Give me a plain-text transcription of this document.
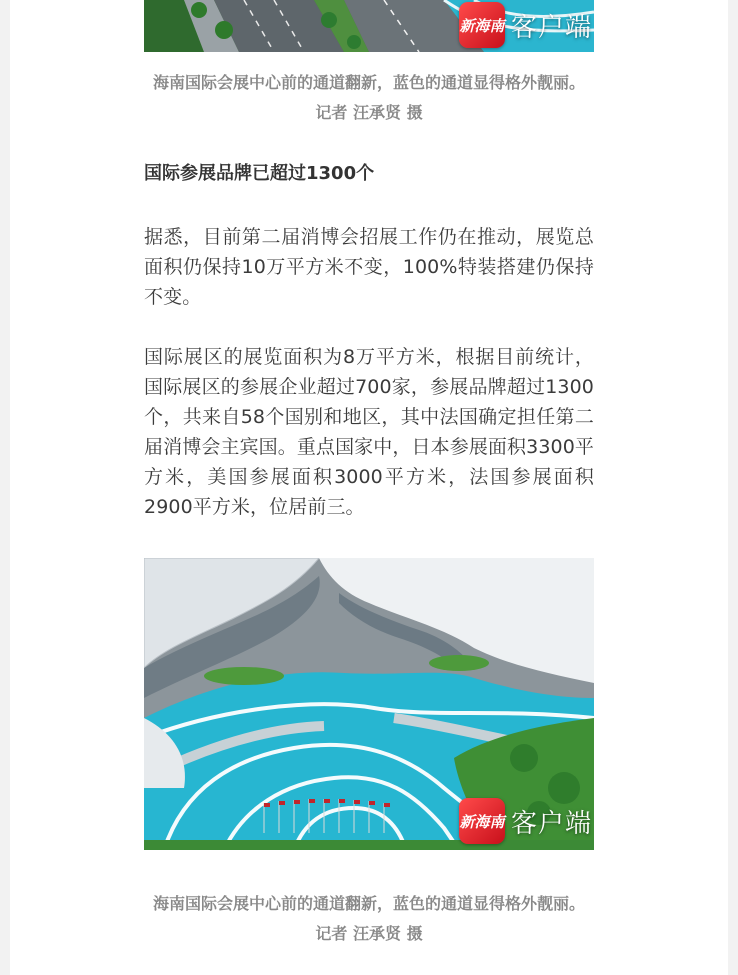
新海南 客户端

海南国际会展中心前的通道翻新，蓝色的通道显得格外靓丽。记者 汪承贤 摄

国际参展品牌已超过1300个

据悉，目前第二届消博会招展工作仍在推动，展览总面积仍保持10万平方米不变，100%特装搭建仍保持不变。

国际展区的展览面积为8万平方米，根据目前统计，国际展区的参展企业超过700家，参展品牌超过1300个，共来自58个国别和地区，其中法国确定担任第二届消博会主宾国。重点国家中，日本参展面积3300平方米，美国参展面积3000平方米，法国参展面积2900平方米，位居前三。

新海南 客户端

海南国际会展中心前的通道翻新，蓝色的通道显得格外靓丽。记者 汪承贤 摄
